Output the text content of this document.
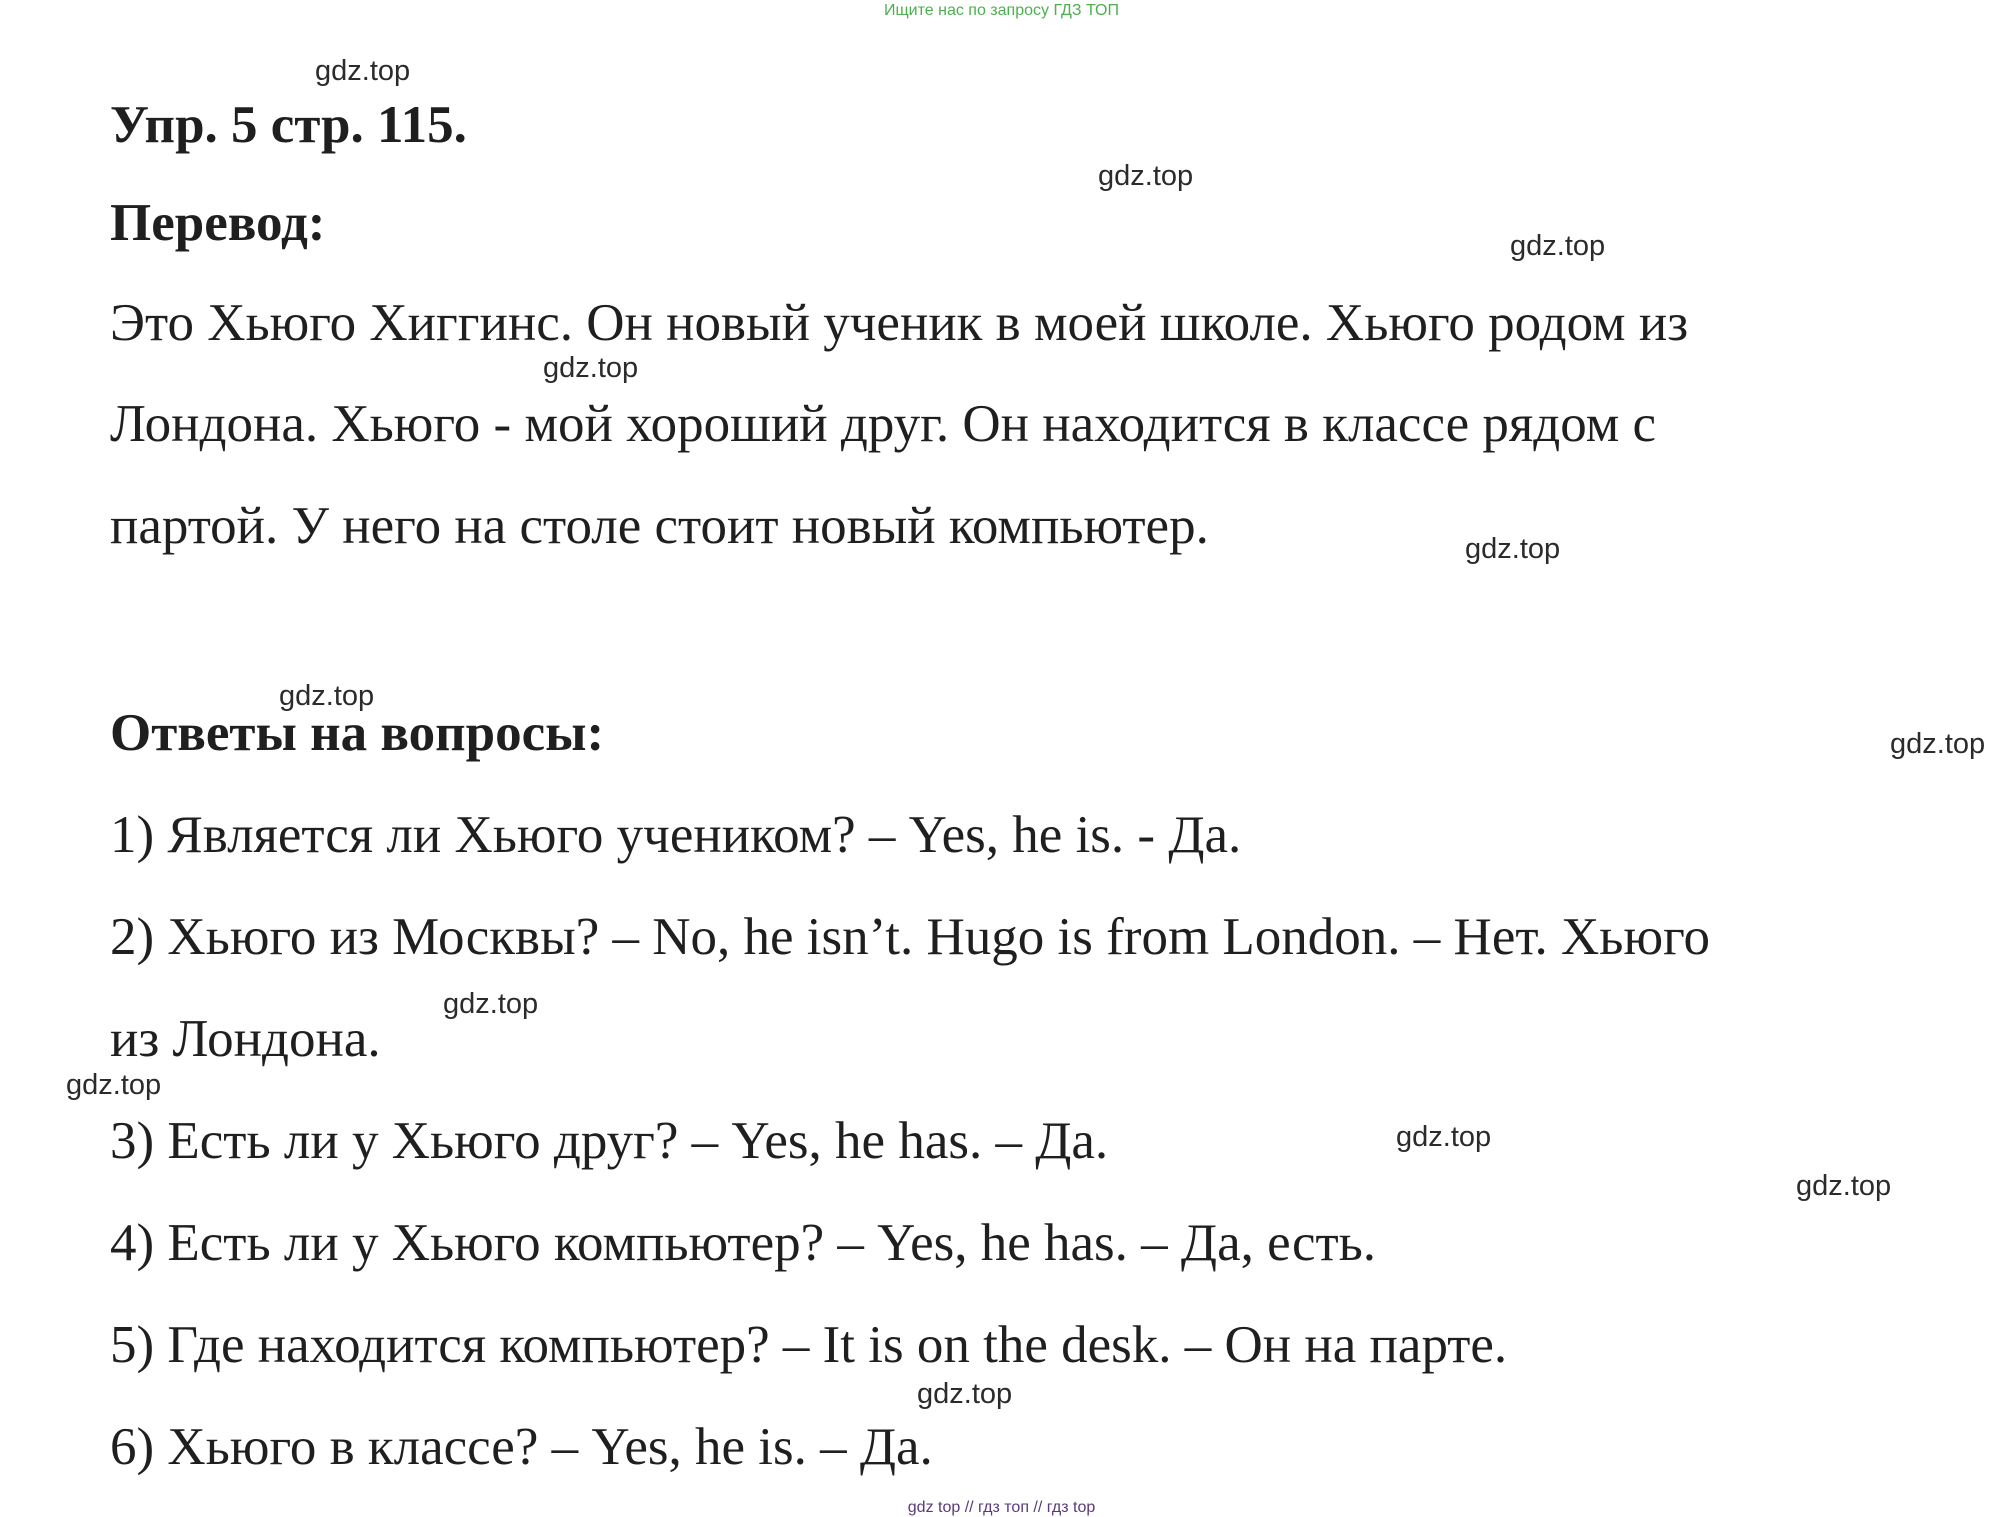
Ищите нас по запросу ГДЗ ТОП
Упр. 5 стр. 115.
Перевод:
Это Хьюго Хиггинс. Он новый ученик в моей школе. Хьюго родом из
Лондона. Хьюго - мой хороший друг. Он находится в классе рядом с
партой. У него на столе стоит новый компьютер.
Ответы на вопросы:
1) Является ли Хьюго учеником? – Yes, he is. - Да.
2) Хьюго из Москвы? – No, he isn’t. Hugo is from London. – Нет. Хьюго
из Лондона.
3) Есть ли у Хьюго друг? – Yes, he has. – Да.
4) Есть ли у Хьюго компьютер? – Yes, he has. – Да, есть.
5) Где находится компьютер? – It is on the desk. – Он на парте.
6) Хьюго в классе? – Yes, he is. – Да.
gdz.top
gdz.top
gdz.top
gdz.top
gdz.top
gdz.top
gdz.top
gdz.top
gdz.top
gdz.top
gdz.top
gdz.top
gdz top // гдз топ // гдз top
